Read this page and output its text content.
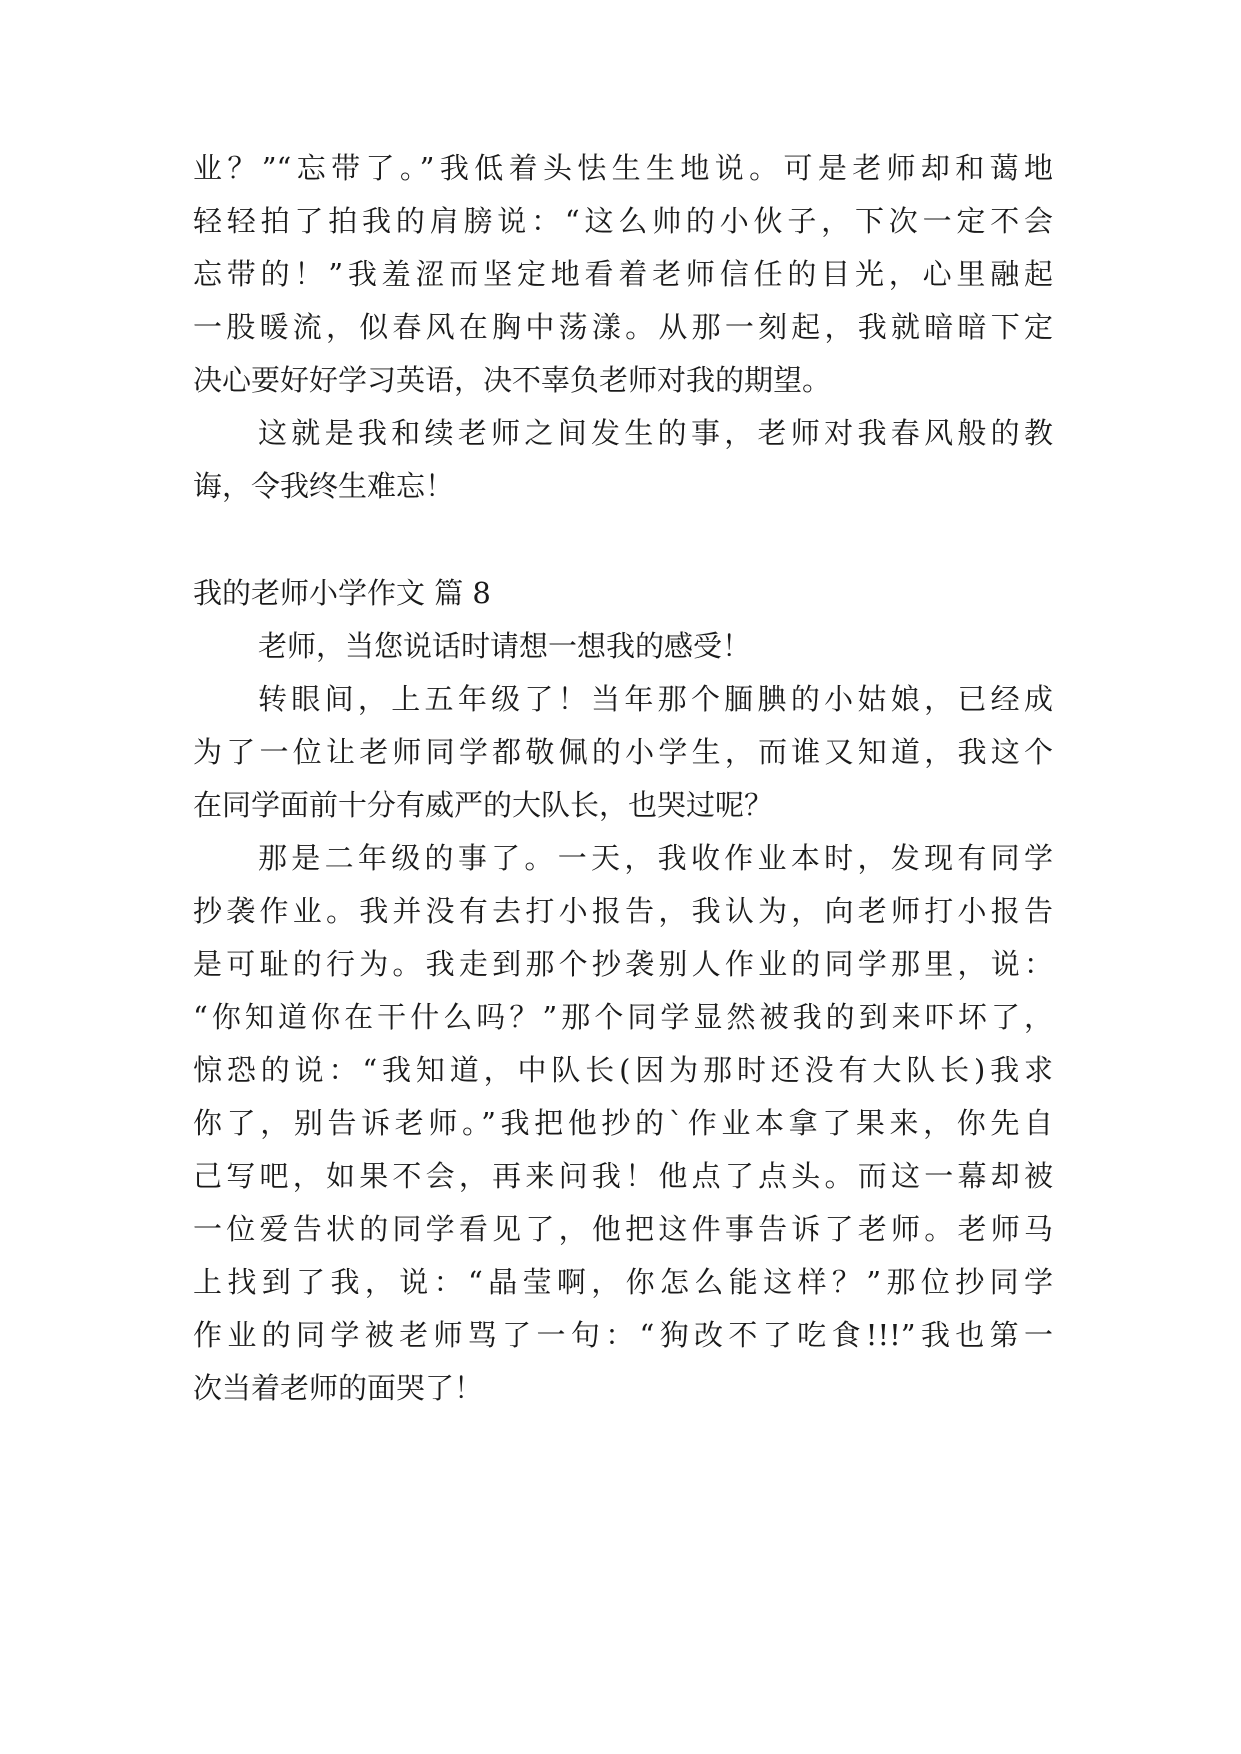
业？”“忘带了。”我低着头怯生生地说。可是老师却和蔼地
轻轻拍了拍我的肩膀说：“这么帅的小伙子，下次一定不会
忘带的！”我羞涩而坚定地看着老师信任的目光，心里融起
一股暖流，似春风在胸中荡漾。从那一刻起，我就暗暗下定
决心要好好学习英语，决不辜负老师对我的期望。
这就是我和续老师之间发生的事，老师对我春风般的教
诲，令我终生难忘！
我的老师小学作文 篇 8
老师，当您说话时请想一想我的感受！
转眼间，上五年级了！当年那个腼腆的小姑娘，已经成
为了一位让老师同学都敬佩的小学生，而谁又知道，我这个
在同学面前十分有威严的大队长，也哭过呢？
那是二年级的事了。一天，我收作业本时，发现有同学
抄袭作业。我并没有去打小报告，我认为，向老师打小报告
是可耻的行为。我走到那个抄袭别人作业的同学那里，说：
“你知道你在干什么吗？”那个同学显然被我的到来吓坏了，
惊恐的说：“我知道，中队长(因为那时还没有大队长)我求
你了，别告诉老师。”我把他抄的`作业本拿了果来，你先自
己写吧，如果不会，再来问我！他点了点头。而这一幕却被
一位爱告状的同学看见了，他把这件事告诉了老师。老师马
上找到了我，说：“晶莹啊，你怎么能这样？”那位抄同学
作业的同学被老师骂了一句：“狗改不了吃食!!!”我也第一
次当着老师的面哭了！
